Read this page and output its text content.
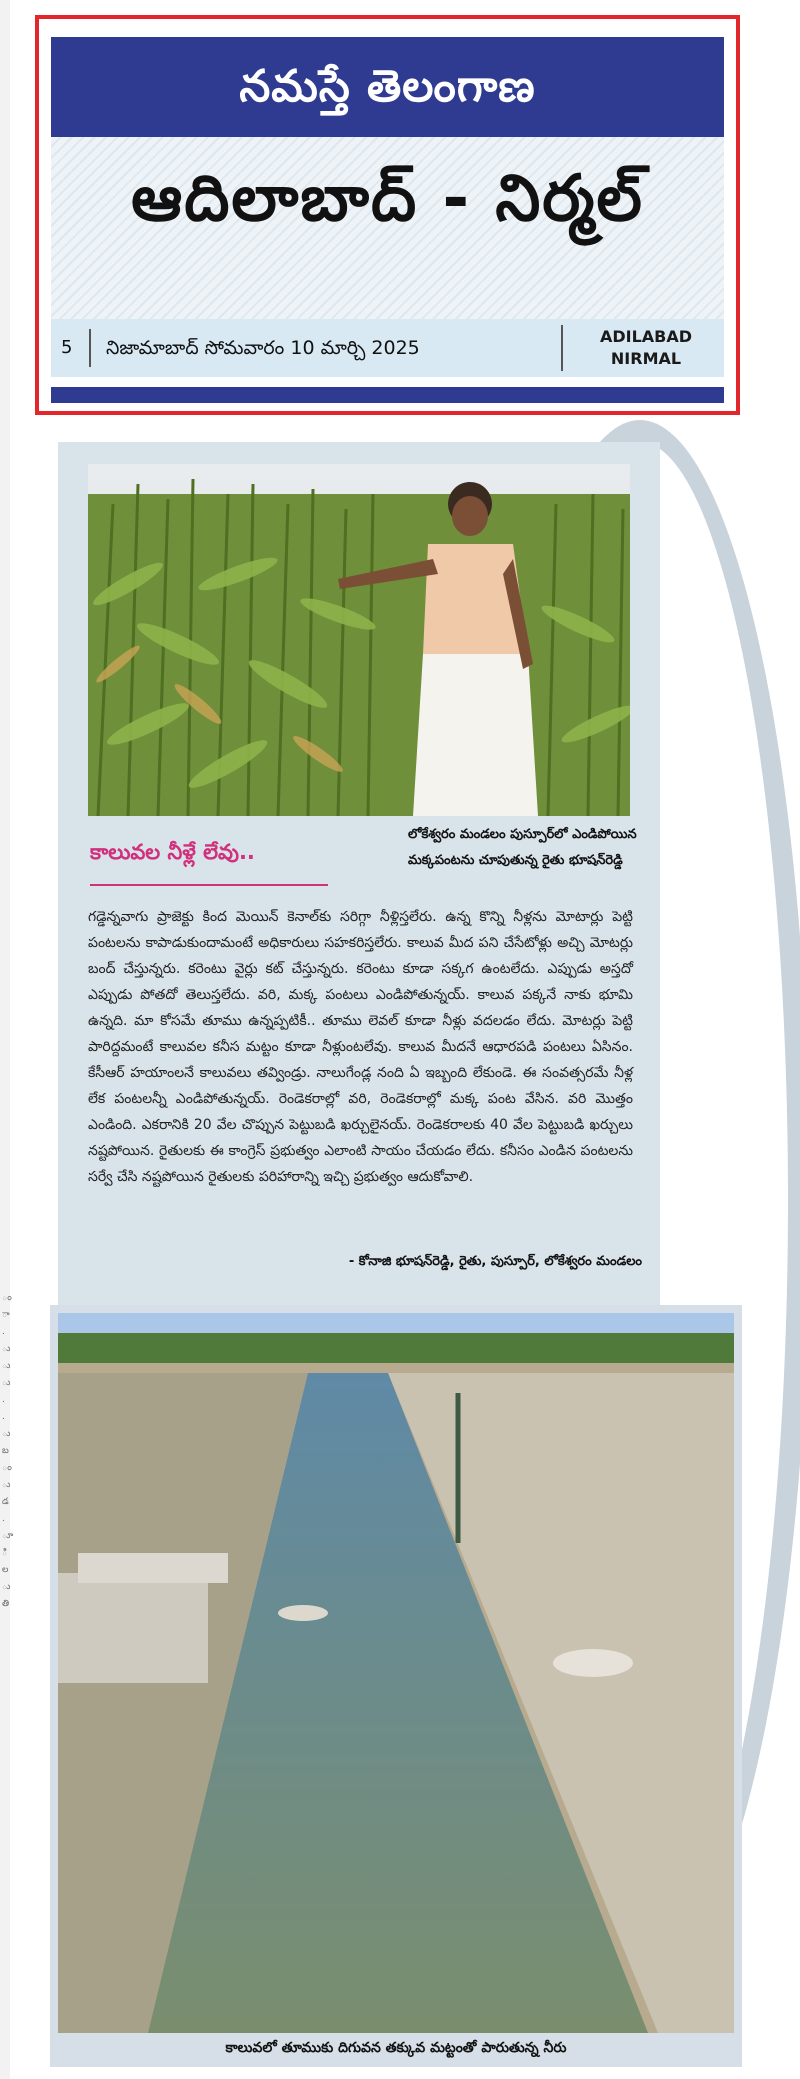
ం
ా
.
ు
ు
ు
.
.
ు
బ
ం
ు
డ
.
ూ
ి
ల
ు
తి
నమస్తే తెలంగాణ
ఆదిలాబాద్ - నిర్మల్
5 నిజామాబాద్ సోమవారం 10 మార్చి 2025
ADILABAD
NIRMAL
లోకేశ్వరం మండలం పుస్పూర్‌లో ఎండిపోయిన మక్కపంటను చూపుతున్న రైతు భూషన్‌రెడ్డి
కాలువల నీళ్లే లేవు..
గడ్డెన్నవాగు ప్రాజెక్టు కింద మెయిన్ కెనాల్‌కు సరిగ్గా నీళ్లిస్తలేరు. ఉన్న కొన్ని నీళ్లను మోటార్లు పెట్టి పంటలను కాపాడుకుందామంటే అధికారులు సహకరిస్తలేరు. కాలువ మీద పని చేసేటోళ్లు అచ్చి మోటర్లు బంద్ చేస్తున్నరు. కరెంటు వైర్లు కట్ చేస్తున్నరు. కరెంటు కూడా సక్కగ ఉంటలేదు. ఎప్పుడు అస్తదో ఎప్పుడు పోతదో తెలుస్తలేదు. వరి, మక్క పంటలు ఎండిపోతున్నయ్. కాలువ పక్కనే నాకు భూమి ఉన్నది. మా కోసమే తూము ఉన్నప్పటికీ.. తూము లెవల్ కూడా నీళ్లు వదలడం లేదు. మోటర్లు పెట్టి పారిద్దమంటే కాలువల కనీస మట్టం కూడా నీళ్లుంటలేవు. కాలువ మీదనే ఆధారపడి పంటలు ఏసినం. కేసీఆర్ హయాంలనే కాలువలు తవ్విండ్రు. నాలుగేండ్ల నంది ఏ ఇబ్బంది లేకుండె. ఈ సంవత్సరమే నీళ్ల లేక పంటలన్నీ ఎండిపోతున్నయ్. రెండెకరాల్లో వరి, రెండెకరాల్లో మక్క పంట వేసిన. వరి మొత్తం ఎండింది. ఎకరానికి 20 వేల చొప్పున పెట్టుబడి ఖర్చులైనయ్. రెండెకరాలకు 40 వేల పెట్టుబడి ఖర్చులు నష్టపోయిన. రైతులకు ఈ కాంగ్రెస్ ప్రభుత్వం ఎలాంటి సాయం చేయడం లేదు. కనీసం ఎండిన పంటలను సర్వే చేసి నష్టపోయిన రైతులకు పరిహారాన్ని ఇచ్చి ప్రభుత్వం ఆదుకోవాలి.
- కోనాజి భూషన్‌రెడ్డి, రైతు, పుస్పూర్, లోకేశ్వరం మండలం
కాలువలో తూముకు దిగువన తక్కువ మట్టంతో పారుతున్న నీరు
